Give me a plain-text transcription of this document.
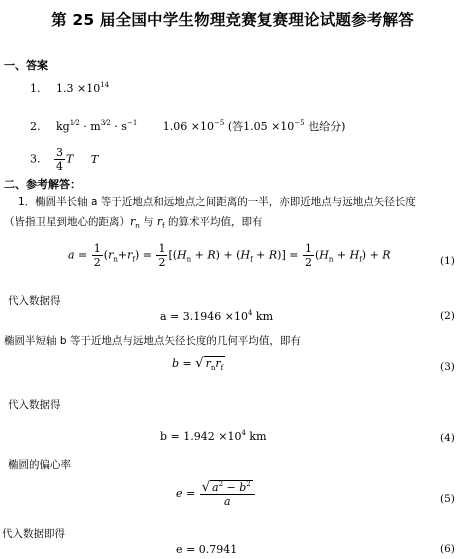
第 25 届全国中学生物理竞赛复赛理论试题参考解答
一、答案
1. $1.3 \times 10^{14}$
2. $kg^{1⁄2} \cdot m^{3⁄2} \cdot s^{-1}$ $1.06 \times 10^{-5}$ (答$1.05 \times 10^{-5}$ 也给分)
3. $\frac{3}{4}$ T T
二、参考解答：
1．椭圆半长轴 a 等于近地点和远地点之间距离的一半，亦即近地点与远地点矢径长度
（皆指卫星到地心的距离）$r_n$ 与 $r_f$ 的算术平均值，即有
$a = \frac{1}{2} (r_n+r_f) = \frac{1}{2} [(H_n + R) + (H_f + R)] = \frac{1}{2} (H_n + H_f) + R$	(1)
代入数据得
$a = 3.1946 \times 10^4$ km	(2)
椭圆半短轴 b 等于近地点与远地点矢径长度的几何平均值，即有
b = √ $r_nr_f$	(3)
代入数据得
$b = 1.942 \times 10^4$ km	(4)
椭圆的偏心率
$e = \frac{√ a^2 - b^2}{a}$	(5)
代入数据即得
e = 0.7941	(6)
